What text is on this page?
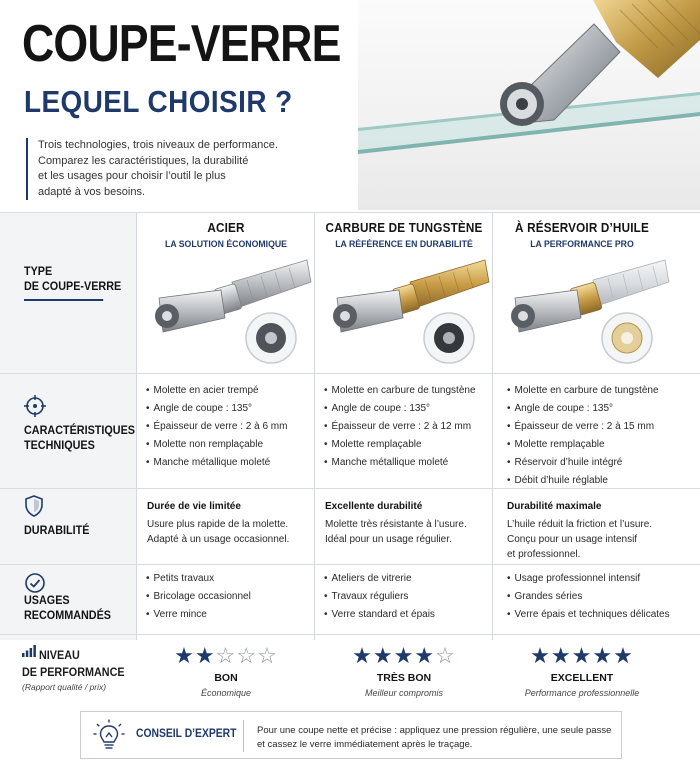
COUPE-VERRE
LEQUEL CHOISIR ?
Trois technologies, trois niveaux de performance.
Comparez les caractéristiques, la durabilité
et les usages pour choisir l’outil le plus
adapté à vos besoins.
TYPE
DE COUPE-VERRE
CARACTÉRISTIQUES
TECHNIQUES
DURABILITÉ
USAGES
RECOMMANDÉS
NIVEAU
DE PERFORMANCE
(Rapport qualité / prix)
ACIER
LA SOLUTION ÉCONOMIQUE
CARBURE DE TUNGSTÈNE
LA RÉFÉRENCE EN DURABILITÉ
À RÉSERVOIR D’HUILE
LA PERFORMANCE PRO
• Molette en acier trempé
• Angle de coupe : 135°
• Épaisseur de verre : 2 à 6 mm
• Molette non remplaçable
• Manche métallique moleté
• Molette en carbure de tungstène
• Angle de coupe : 135°
• Épaisseur de verre : 2 à 12 mm
• Molette remplaçable
• Manche métallique moleté
• Molette en carbure de tungstène
• Angle de coupe : 135°
• Épaisseur de verre : 2 à 15 mm
• Molette remplaçable
• Réservoir d’huile intégré
• Débit d’huile réglable
Durée de vie limitée
Usure plus rapide de la molette.
Adapté à un usage occasionnel.
Excellente durabilité
Molette très résistante à l’usure.
Idéal pour un usage régulier.
Durabilité maximale
L’huile réduit la friction et l’usure.
Conçu pour un usage intensif
et professionnel.
• Petits travaux
• Bricolage occasionnel
• Verre mince
• Ateliers de vitrerie
• Travaux réguliers
• Verre standard et épais
• Usage professionnel intensif
• Grandes séries
• Verre épais et techniques délicates
★★☆☆☆
BON
Économique
★★★★☆
TRÈS BON
Meilleur compromis
★★★★★
EXCELLENT
Performance professionnelle
CONSEIL D’EXPERT Pour une coupe nette et précise : appliquez une pression régulière, une seule passe
et cassez le verre immédiatement après le traçage.
